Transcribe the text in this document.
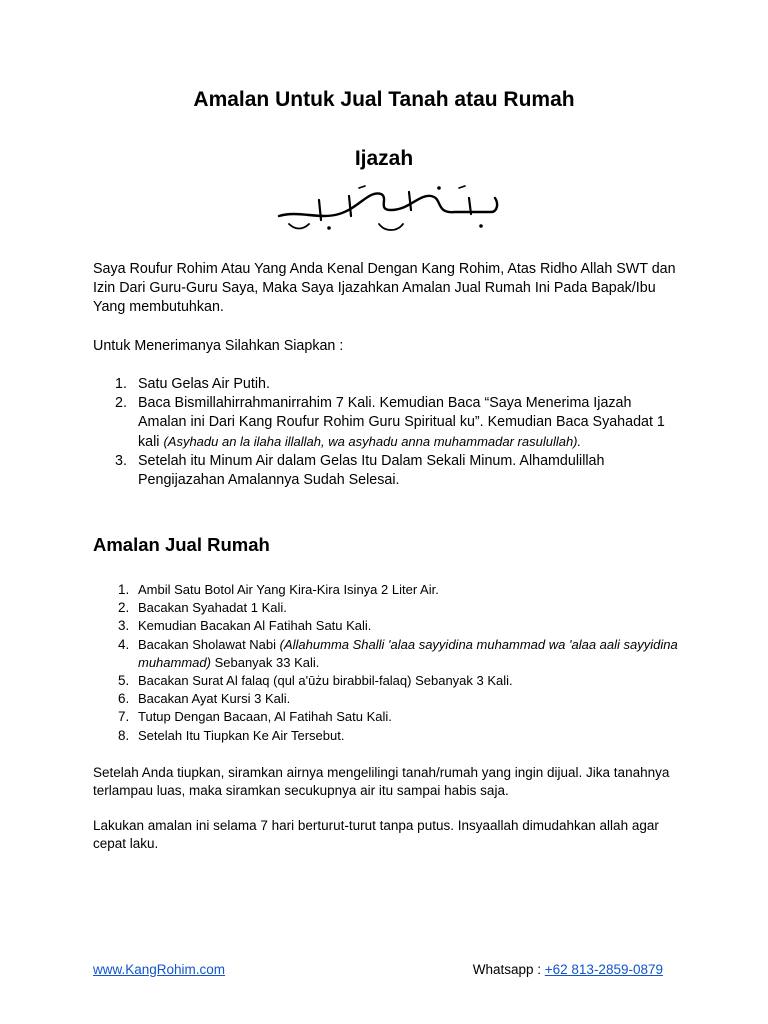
Amalan Untuk Jual Tanah atau Rumah
Ijazah
بسم الله الرحمن الرحيم
Saya Roufur Rohim Atau Yang Anda Kenal Dengan Kang Rohim, Atas Ridho Allah SWT dan Izin Dari Guru-Guru Saya, Maka Saya Ijazahkan Amalan Jual Rumah Ini Pada Bapak/Ibu Yang membutuhkan.
Untuk Menerimanya Silahkan Siapkan :
1. Satu Gelas Air Putih.
2. Baca Bismillahirrahmanirrahim 7 Kali. Kemudian Baca “Saya Menerima Ijazah Amalan ini Dari Kang Roufur Rohim Guru Spiritual ku”. Kemudian Baca Syahadat 1 kali (Asyhadu an la ilaha illallah, wa asyhadu anna muhammadar rasulullah).
3. Setelah itu Minum Air dalam Gelas Itu Dalam Sekali Minum. Alhamdulillah Pengijazahan Amalannya Sudah Selesai.
Amalan Jual Rumah
1. Ambil Satu Botol Air Yang Kira-Kira Isinya 2 Liter Air.
2. Bacakan Syahadat 1 Kali.
3. Kemudian Bacakan Al Fatihah Satu Kali.
4. Bacakan Sholawat Nabi (Allahumma Shalli 'alaa sayyidina muhammad wa 'alaa aali sayyidina muhammad) Sebanyak 33 Kali.
5. Bacakan Surat Al falaq (qul a'ūżu birabbil-falaq) Sebanyak 3 Kali.
6. Bacakan Ayat Kursi 3 Kali.
7. Tutup Dengan Bacaan, Al Fatihah Satu Kali.
8. Setelah Itu Tiupkan Ke Air Tersebut.
Setelah Anda tiupkan, siramkan airnya mengelilingi tanah/rumah yang ingin dijual. Jika tanahnya terlampau luas, maka siramkan secukupnya air itu sampai habis saja.
Lakukan amalan ini selama 7 hari berturut-turut tanpa putus. Insyaallah dimudahkan allah agar cepat laku.
www.KangRohim.com	Whatsapp : +62 813-2859-0879
